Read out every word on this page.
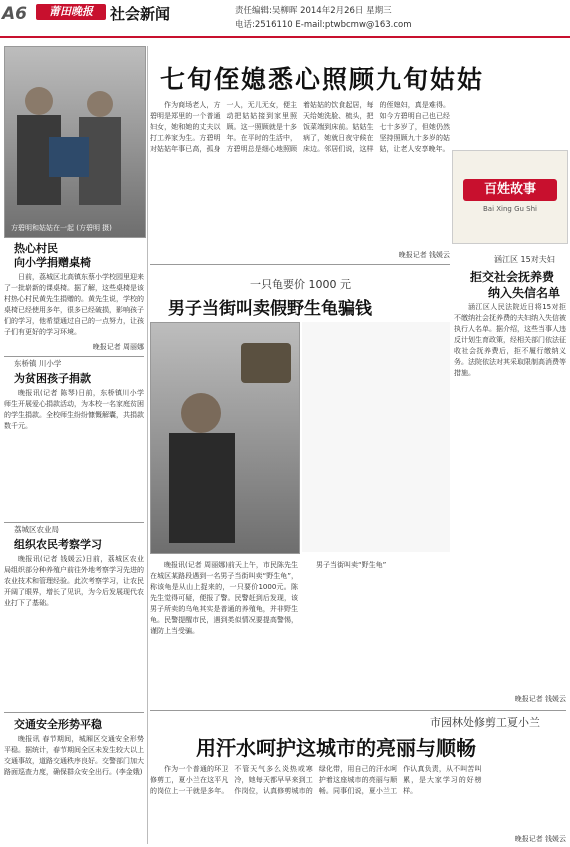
A6	莆田晚报	社会新闻	责任编辑:吴柳晖 2014年2月26日 星期三
电话:2516110 E-mail:ptwbcmw@163.com
方碧明和姑姑在一起 (方碧明 摄)
热心村民
向小学捐赠桌椅

日前，荔城区北高镇东蔡小学校园里迎来了一批崭新的课桌椅。据了解，这些桌椅是该村热心村民黄先生捐赠的。黄先生说，学校的桌椅已经使用多年，很多已经破损，影响孩子们的学习，他希望通过自己的一点努力，让孩子们有更好的学习环境。

晚报记者 周丽娜
东桥镇 川小学
为贫困孩子捐款

晚报讯(记者 陈琴)日前，东桥镇川小学师生开展爱心捐款活动，为本校一名家庭贫困的学生捐款。全校师生纷纷慷慨解囊，共捐款数千元。

荔城区农业局
组织农民考察学习

晚报讯(记者 钱媛云)日前，荔城区农业局组织部分种养殖户前往外地考察学习先进的农业技术和管理经验。此次考察学习，让农民开阔了眼界，增长了见识，为今后发展现代农业打下了基础。

交通安全形势平稳

晚报讯 春节期间，城厢区交通安全形势平稳。据统计，春节期间全区未发生较大以上交通事故，道路交通秩序良好。交警部门加大路面巡查力度，确保群众安全出行。(李金娥)

七旬侄媳悉心照顾九旬姑姑

作为商场老人，方碧明是郑里的一个普通妇女，她和她的丈夫以打工养家为生。方碧明对姑姑年事已高，孤身一人，无儿无女，便主动把姑姑接到家里照顾。这一照顾就是十多年。在平时的生活中，方碧明总是细心地照顾着姑姑的饮食起居，每天给她洗脸、梳头，把饭菜端到床前。姑姑生病了，她就日夜守候在床边。邻居们说，这样的侄媳妇，真是难得。如今方碧明自己也已经七十多岁了，但她仍然坚持照顾九十多岁的姑姑，让老人安享晚年。

晚报记者 钱媛云
百姓故事
Bai Xing Gu Shi
一只龟要价 1000 元
男子当街叫卖假野生龟骗钱

晚报讯(记者 周丽娜)前天上午，市民陈先生在城区某路段遇到一名男子当街叫卖“野生龟”，称该龟是从山上捉来的，一只要价1000元。陈先生觉得可疑，便报了警。民警赶到后发现，该男子所卖的乌龟其实是普通的养殖龟，并非野生龟。民警提醒市民，遇到类似情况要提高警惕，谨防上当受骗。

男子当街叫卖“野生龟”

涵江区 15对夫妇
拒交社会抚养费
纳入失信名单

涵江区人民法院近日将15对拒不缴纳社会抚养费的夫妇纳入失信被执行人名单。据介绍，这些当事人违反计划生育政策，经相关部门依法征收社会抚养费后，拒不履行缴纳义务。法院依法对其采取限制高消费等措施。

晚报记者 钱媛云
市园林处修剪工夏小兰
用汗水呵护这城市的亮丽与顺畅

作为一个普通的环卫修剪工，夏小兰在这平凡的岗位上一干就是多年。不管天气多么炎热或寒冷，她每天都早早来到工作岗位，认真修剪城市的绿化带，用自己的汗水呵护着这座城市的亮丽与顺畅。同事们说，夏小兰工作认真负责，从不叫苦叫累，是大家学习的好榜样。

晚报记者 钱媛云
